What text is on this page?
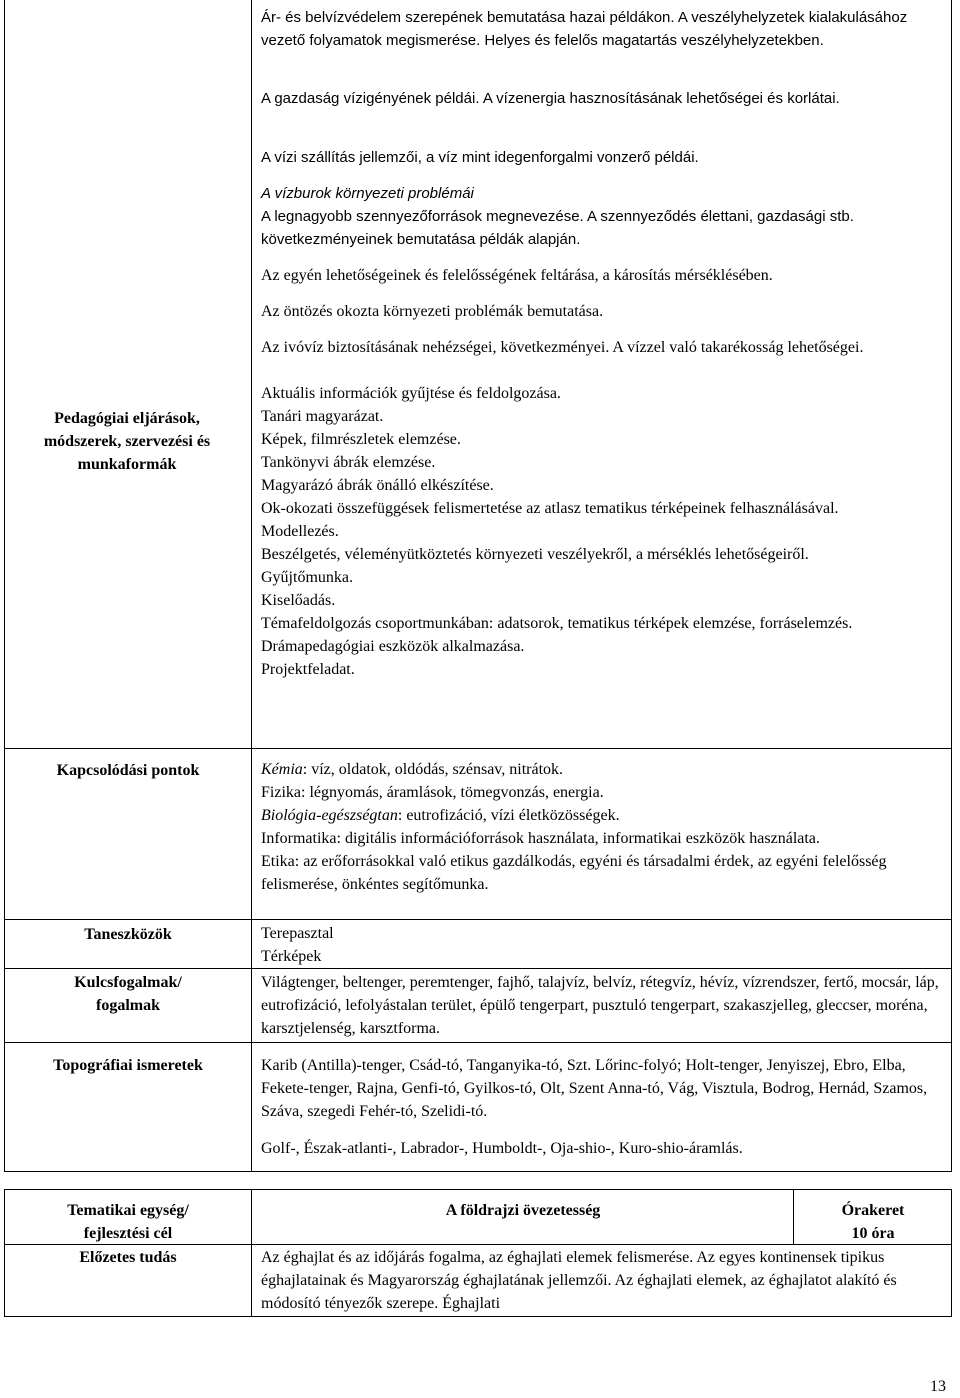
Pedagógiai eljárások, módszerek, szervezési és munkaformák
Kapcsolódási pontok
Taneszközök
Kulcsfogalmak/
fogalmak
Topográfiai ismeretek
Ár- és belvízvédelem szerepének bemutatása hazai példákon. A veszélyhelyzetek kialakulásához vezető folyamatok megismerése. Helyes és felelős magatartás veszélyhelyzetekben.
A gazdaság vízigényének példái. A vízenergia hasznosításának lehetőségei és korlátai.
A vízi szállítás jellemzői, a víz mint idegenforgalmi vonzerő példái.
A vízburok környezeti problémái
A legnagyobb szennyezőforrások megnevezése. A szennyeződés élettani, gazdasági stb. következményeinek bemutatása példák alapján.
Az egyén lehetőségeinek és felelősségének feltárása, a károsítás mérséklésében.
Az öntözés okozta környezeti problémák bemutatása.
Az ivóvíz biztosításának nehézségei, következményei. A vízzel való takarékosság lehetőségei.
Aktuális információk gyűjtése és feldolgozása.
Tanári magyarázat.
Képek, filmrészletek elemzése.
Tankönyvi ábrák elemzése.
Magyarázó ábrák önálló elkészítése.
Ok-okozati összefüggések felismertetése az atlasz tematikus térképeinek felhasználásával.
Modellezés.
Beszélgetés, véleményütköztetés környezeti veszélyekről, a mérséklés lehetőségeiről.
Gyűjtőmunka.
Kiselőadás.
Témafeldolgozás csoportmunkában: adatsorok, tematikus térképek elemzése, forráselemzés.
Drámapedagógiai eszközök alkalmazása.
Projektfeladat.
Kémia: víz, oldatok, oldódás, szénsav, nitrátok.
Fizika: légnyomás, áramlások, tömegvonzás, energia.
Biológia-egészségtan: eutrofizáció, vízi életközösségek.
Informatika: digitális információforrások használata, informatikai eszközök használata.
Etika: az erőforrásokkal való etikus gazdálkodás, egyéni és társadalmi érdek, az egyéni felelősség felismerése, önkéntes segítőmunka.
Terepasztal
Térképek
Világtenger, beltenger, peremtenger, fajhő, talajvíz, belvíz, rétegvíz, hévíz, vízrendszer, fertő, mocsár, láp, eutrofizáció, lefolyástalan terület, épülő tengerpart, pusztuló tengerpart, szakaszjelleg, gleccser, moréna, karsztjelenség, karsztforma.
Karib (Antilla)-tenger, Csád-tó, Tanganyika-tó, Szt. Lőrinc-folyó; Holt-tenger, Jenyiszej, Ebro, Elba, Fekete-tenger, Rajna, Genfi-tó, Gyilkos-tó, Olt, Szent Anna-tó, Vág, Visztula, Bodrog, Hernád, Szamos, Száva, szegedi Fehér-tó, Szelidi-tó.
Golf-, Észak-atlanti-, Labrador-, Humboldt-, Oja-shio-, Kuro-shio-áramlás.
Tematikai egység/
fejlesztési cél
A földrajzi övezetesség	Órakeret
10 óra
Előzetes tudás	Az éghajlat és az időjárás fogalma, az éghajlati elemek felismerése. Az egyes kontinensek tipikus éghajlatainak és Magyarország éghajlatának jellemzői. Az éghajlati elemek, az éghajlatot alakító és módosító tényezők szerepe. Éghajlati
13
